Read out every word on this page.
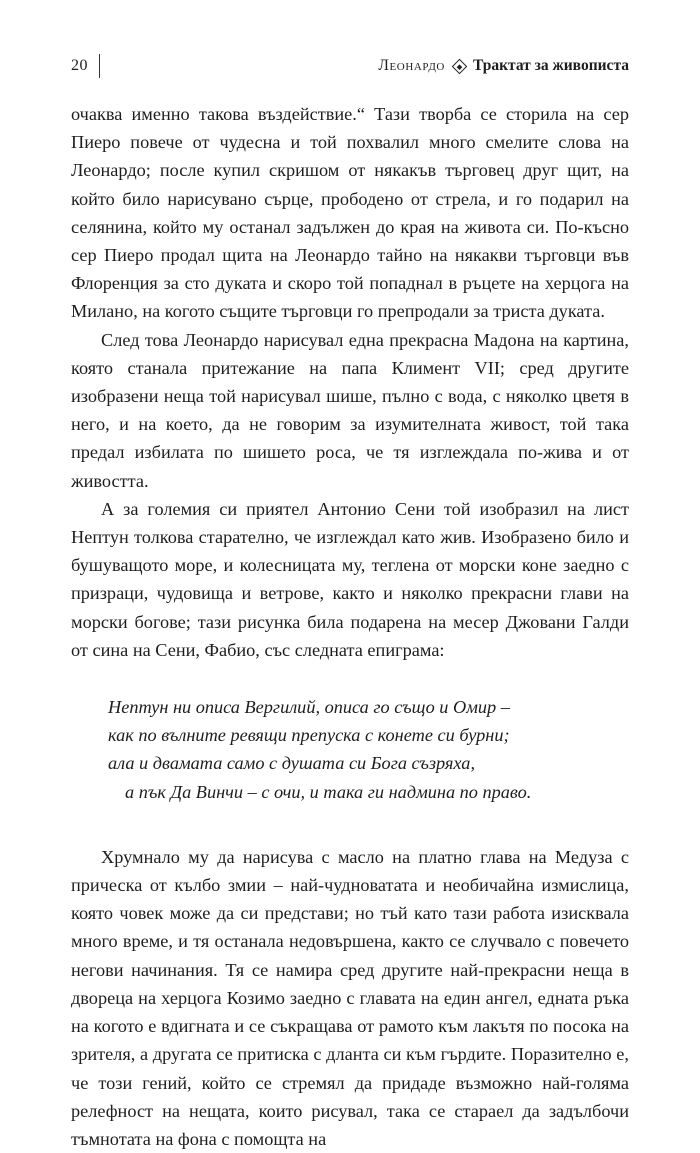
20	Леонардо Трактат за живописта

очаква именно такова въздействие.“ Тази творба се сторила на сер Пиеро повече от чудесна и той похвалил много смелите слова на Леонардо; после купил скришом от някакъв търговец друг щит, на който било нарисувано сърце, прободено от стрела, и го подарил на селянина, който му останал задължен до края на живота си. По-късно сер Пиеро продал щита на Леонардо тайно на някакви търговци във Флоренция за сто дуката и скоро той попаднал в ръцете на херцога на Милано, на когото същите търговци го препродали за триста дуката.

След това Леонардо нарисувал една прекрасна Мадона на картина, която станала притежание на папа Климент VII; сред другите изобразени неща той нарисувал шише, пълно с вода, с няколко цветя в него, и на което, да не говорим за изумителната живост, той така предал избилата по шишето роса, че тя изглеждала по-жива и от живостта.

А за големия си приятел Антонио Сени той изобразил на лист Нептун толкова старателно, че изглеждал като жив. Изобразено било и бушуващото море, и колесницата му, теглена от морски коне заедно с призраци, чудовища и ветрове, както и няколко прекрасни глави на морски богове; тази рисунка била подарена на месер Джовани Галди от сина на Сени, Фабио, със следната епиграма:

Нептун ни описа Вергилий, описа го също и Омир –
как по вълните ревящи препуска с конете си бурни;
ала и двамата само с душата си Бога съзряха,
а пък Да Винчи – с очи, и така ги надмина по право.

Хрумнало му да нарисува с масло на платно глава на Медуза с прическа от кълбо змии – най-чудноватата и необичайна измислица, която човек може да си представи; но тъй като тази работа изисквала много време, и тя останала недовършена, както се случвало с повечето негови начинания. Тя се намира сред другите най-прекрасни неща в двореца на херцога Козимо заедно с главата на един ангел, едната ръка на когото е вдигната и се съкращава от рамото към лакътя по посока на зрителя, а другата се притиска с дланта си към гърдите. Поразително е, че този гений, който се стремял да придаде възможно най-голяма релефност на нещата, които рисувал, така се стараел да задълбочи тъмнотата на фона с помощта на
